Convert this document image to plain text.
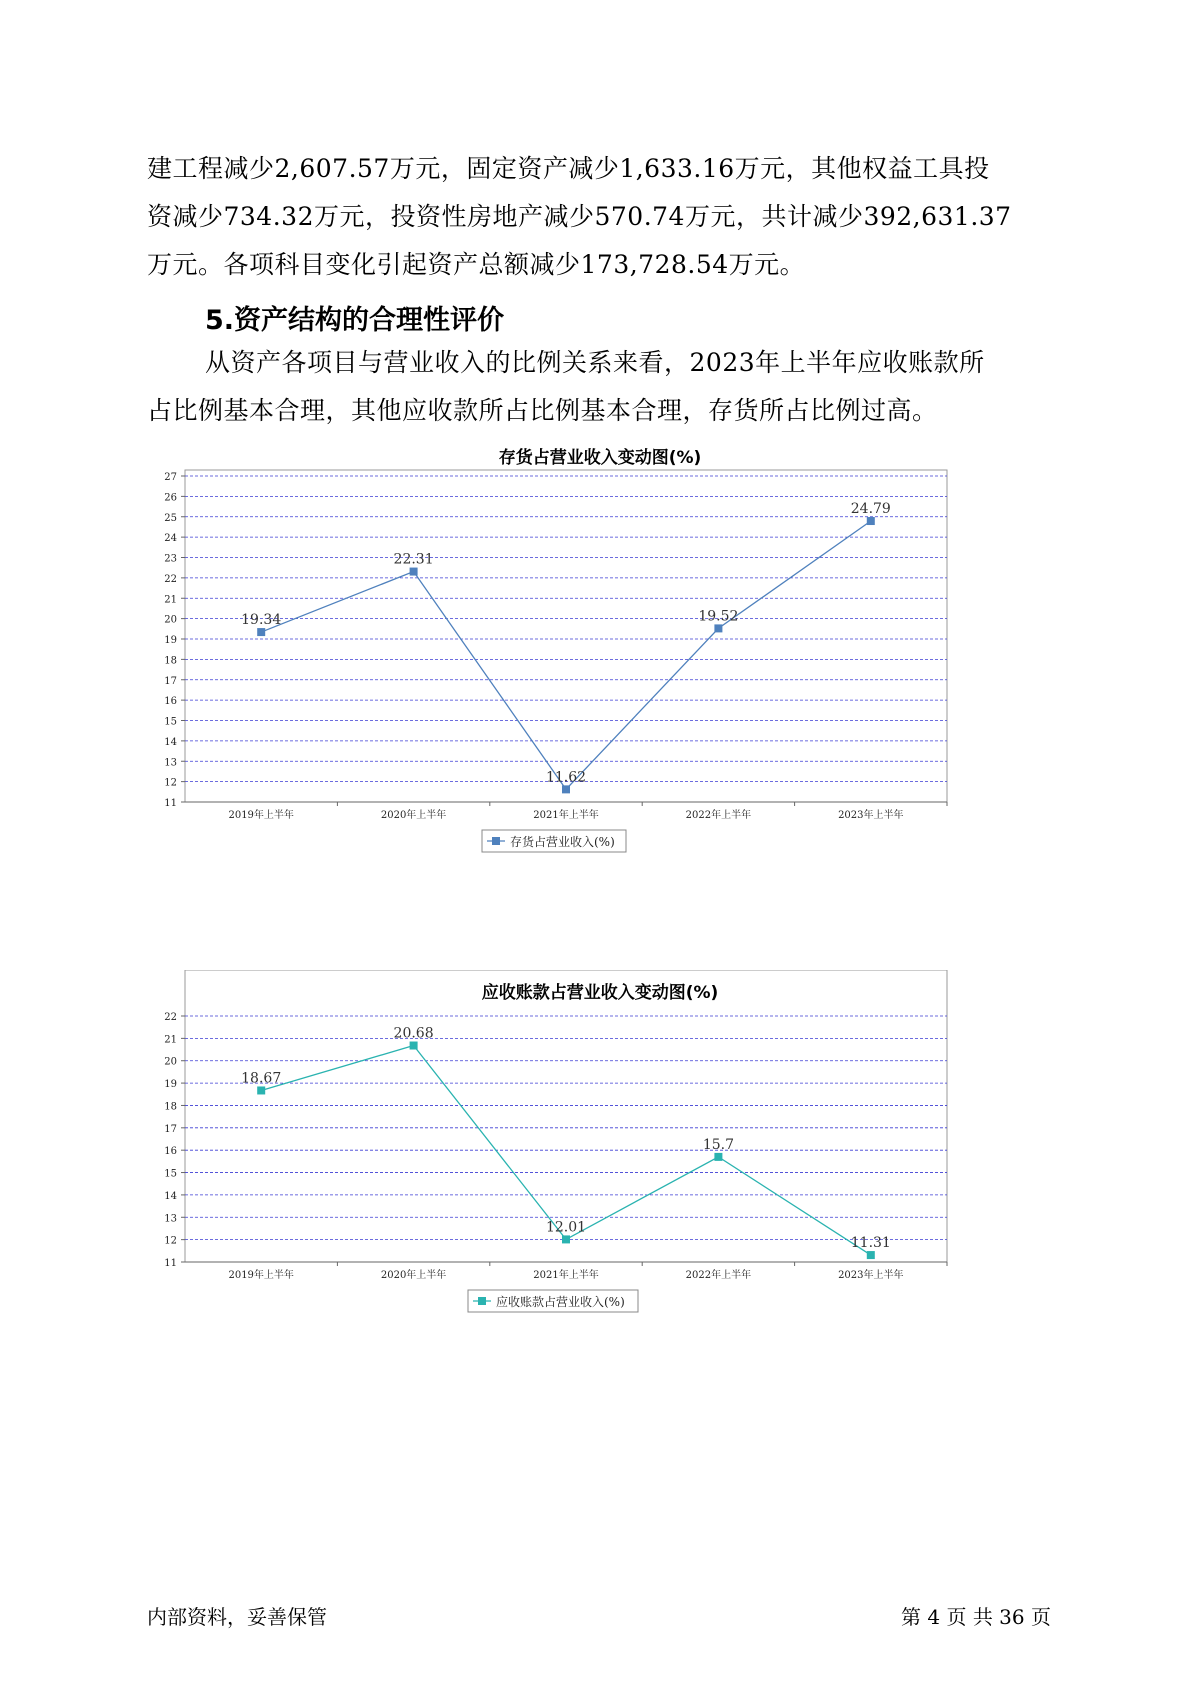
建工程减少2,607.57万元，固定资产减少1,633.16万元，其他权益工具投

资减少734.32万元，投资性房地产减少570.74万元，共计减少392,631.37

万元。各项科目变化引起资产总额减少173,728.54万元。

5.资产结构的合理性评价

从资产各项目与营业收入的比例关系来看，2023年上半年应收账款所

占比例基本合理，其他应收款所占比例基本合理，存货所占比例过高。

存货占营业收入变动图(%)
11
12
13
14
15
16
17
18
19
20
21
22
23
24
25
26
27
2019年上半年	2020年上半年	2021年上半年	2022年上半年	2023年上半年
19.34
22.31
11.62
19.52
24.79
存货占营业收入(%)
应收账款占营业收入变动图(%)
11
12
13
14
15
16
17
18
19
20
21
22
2019年上半年	2020年上半年	2021年上半年	2022年上半年	2023年上半年
18.67
20.68
12.01
15.7
11.31
应收账款占营业收入(%)
内部资料，妥善保管	第 4 页 共 36 页
